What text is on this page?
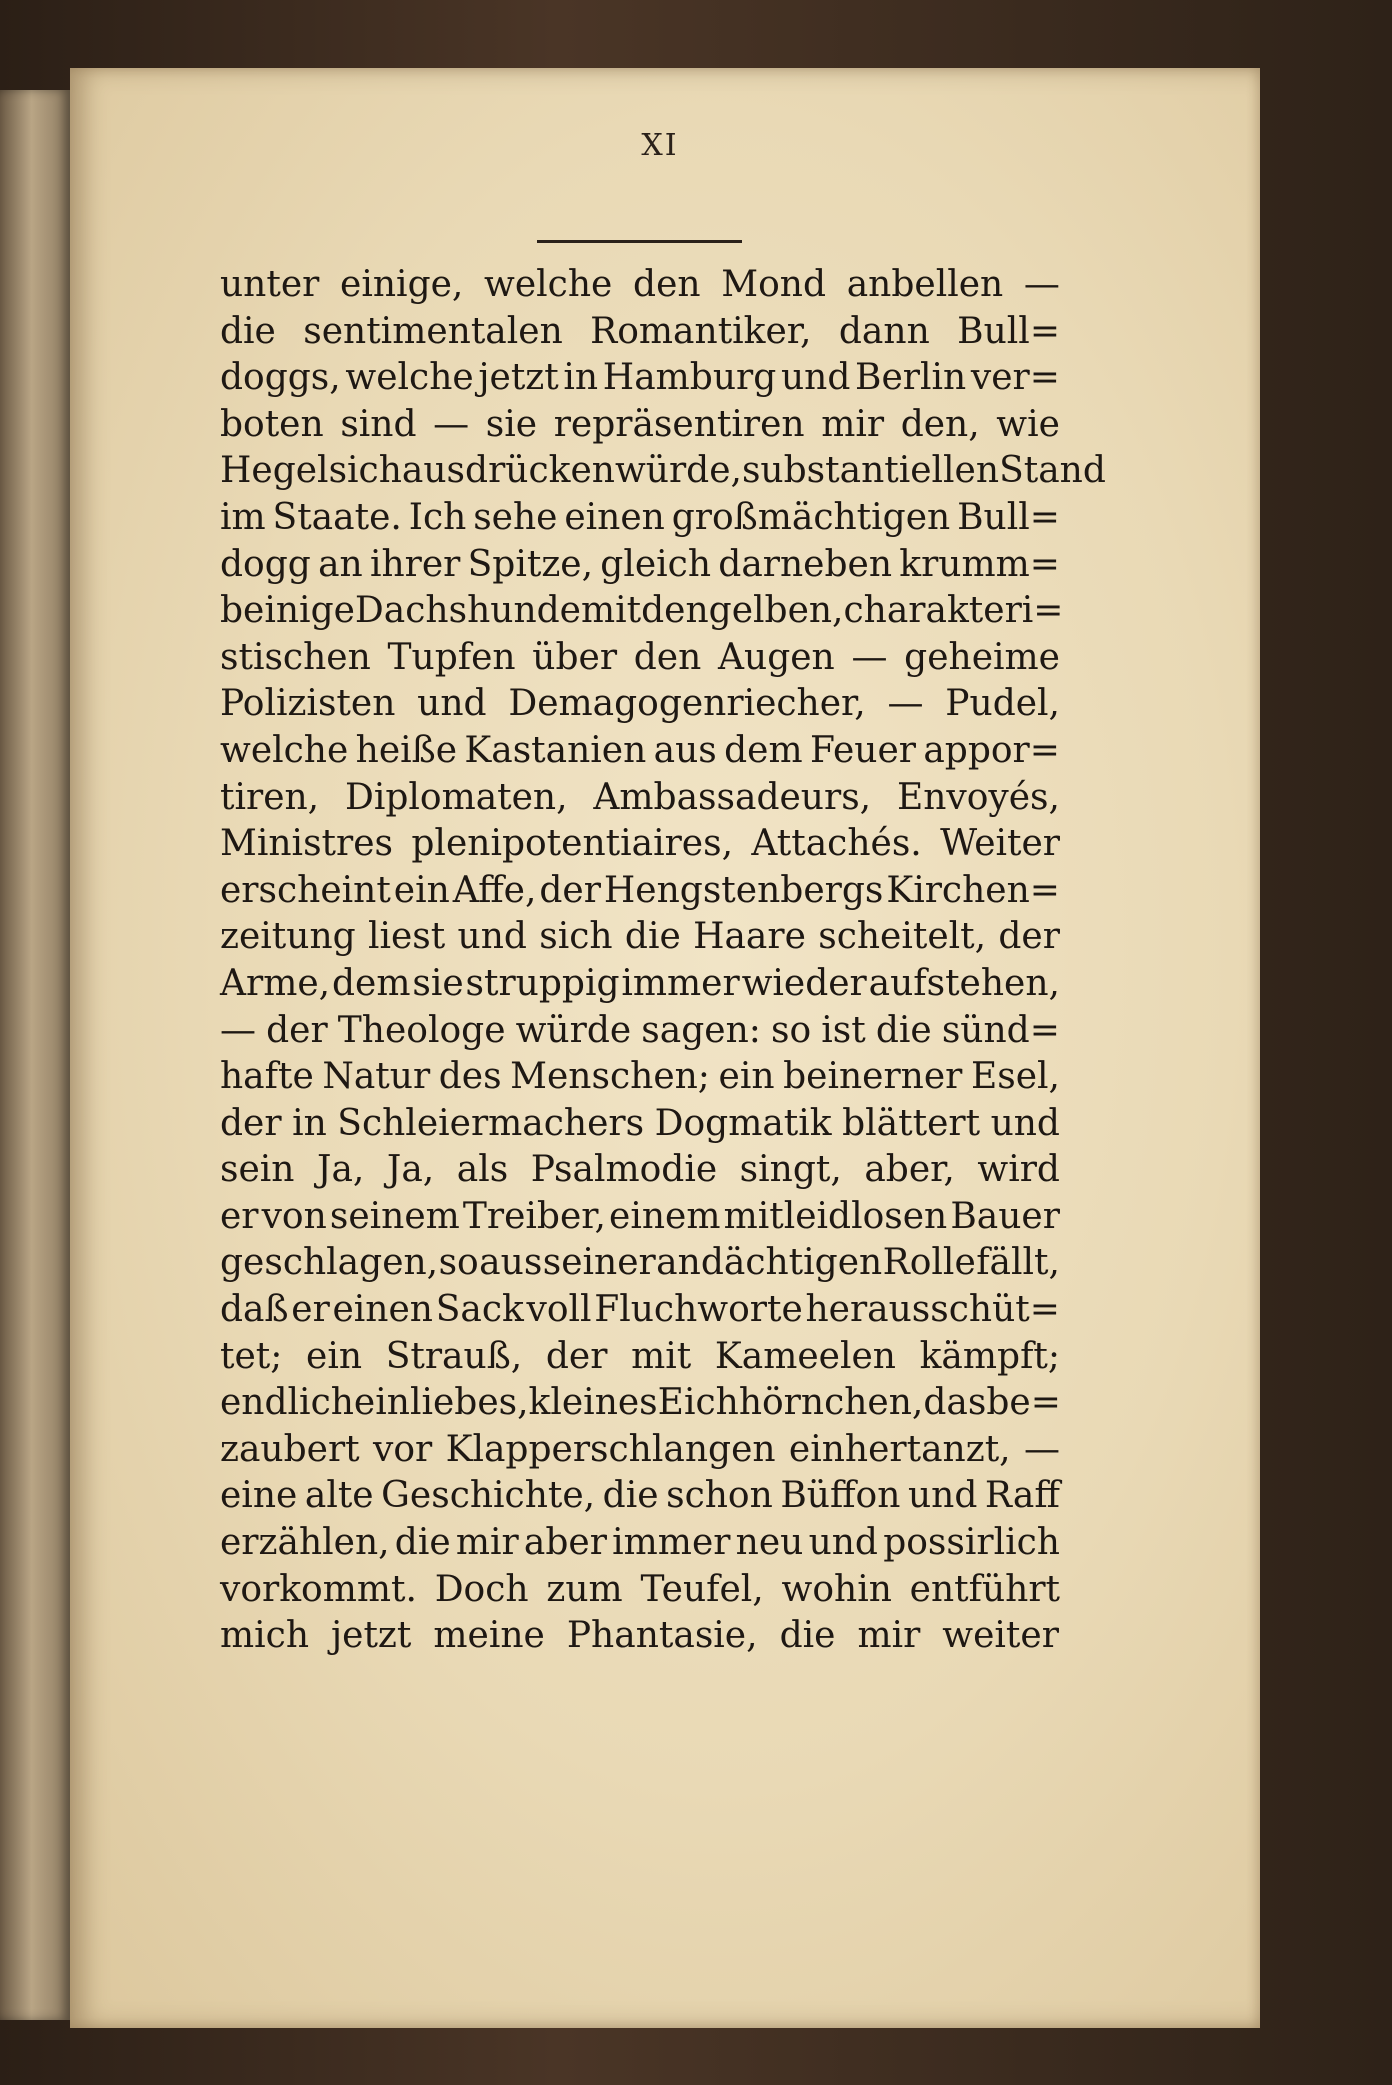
XI
unter einige, welche den Mond anbellen —
die sentimentalen Romantiker, dann Bull=
doggs, welche jetzt in Hamburg und Berlin ver=
boten sind — sie repräsentiren mir den, wie
Hegel sich ausdrücken würde, substantiellen Stand
im Staate. Ich sehe einen großmächtigen Bull=
dogg an ihrer Spitze, gleich darneben krumm=
beinige Dachshunde mit den gelben, charakteri=
stischen Tupfen über den Augen — geheime
Polizisten und Demagogenriecher, — Pudel,
welche heiße Kastanien aus dem Feuer appor=
tiren, Diplomaten, Ambassadeurs, Envoyés,
Ministres plenipotentiaires, Attachés. Weiter
erscheint ein Affe, der Hengstenbergs Kirchen=
zeitung liest und sich die Haare scheitelt, der
Arme, dem sie struppig immer wieder aufstehen,
— der Theologe würde sagen: so ist die sünd=
hafte Natur des Menschen; ein beinerner Esel,
der in Schleiermachers Dogmatik blättert und
sein Ja, Ja, als Psalmodie singt, aber, wird
er von seinem Treiber, einem mitleidlosen Bauer
geschlagen, so aus seiner andächtigen Rolle fällt,
daß er einen Sack voll Fluchworte herausschüt=
tet; ein Strauß, der mit Kameelen kämpft;
endlich ein liebes, kleines Eichhörnchen, das be=
zaubert vor Klapperschlangen einhertanzt, —
eine alte Geschichte, die schon Büffon und Raff
erzählen, die mir aber immer neu und possirlich
vorkommt. Doch zum Teufel, wohin entführt
mich jetzt meine Phantasie, die mir weiter
